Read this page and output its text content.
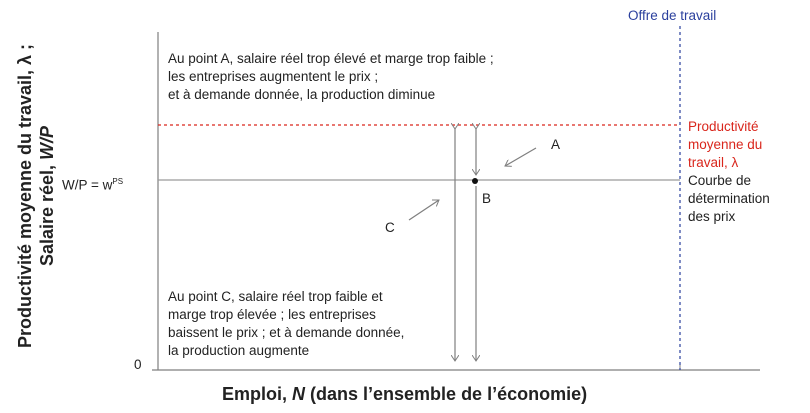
Productivité moyenne du travail, λ ; Salaire réel, W/P
Emploi, N (dans l’ensemble de l’économie)
$W/P = w^{PS}$
0
Offre de travail
Productivité
moyenne du
travail, λ
Courbe de
détermination
des prix
A
B
C
Au point A, salaire réel trop élevé et marge trop faible ;
les entreprises augmentent le prix ;
et à demande donnée, la production diminue
Au point C, salaire réel trop faible et
marge trop élevée ; les entreprises
baissent le prix ; et à demande donnée,
la production augmente
